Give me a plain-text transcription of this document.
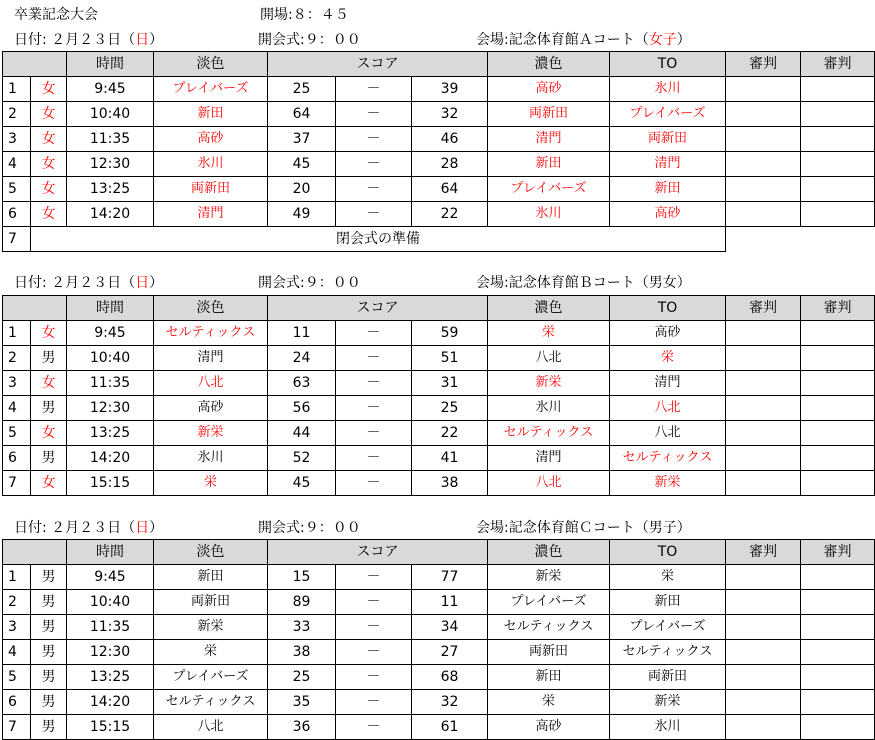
卒業記念大会	開場:８：４５
日付: ２月２３日（日）	開会式:９：００	会場:記念体育館Ａコート（女子）
		時間	淡色	スコア			濃色	TO	審判	審判
1	女	9:45	プレイバーズ	25	－	39	高砂	氷川		
2	女	10:40	新田	64	－	32	両新田	プレイバーズ		
3	女	11:35	高砂	37	－	46	清門	両新田		
4	女	12:30	氷川	45	－	28	新田	清門		
5	女	13:25	両新田	20	－	64	プレイバーズ	新田		
6	女	14:20	清門	49	－	22	氷川	高砂		
7	閉会式の準備									
日付: ２月２３日（日）	開会式:９：００	会場:記念体育館Ｂコート（男女）
		時間	淡色	スコア			濃色	TO	審判	審判
1	女	9:45	セルティックス	11	－	59	栄	高砂		
2	男	10:40	清門	24	－	51	八北	栄		
3	女	11:35	八北	63	－	31	新栄	清門		
4	男	12:30	高砂	56	－	25	氷川	八北		
5	女	13:25	新栄	44	－	22	セルティックス	八北		
6	男	14:20	氷川	52	－	41	清門	セルティックス		
7	女	15:15	栄	45	－	38	八北	新栄		
日付: ２月２３日（日）	開会式:９：００	会場:記念体育館Ｃコート（男子）
		時間	淡色	スコア			濃色	TO	審判	審判
1	男	9:45	新田	15	－	77	新栄	栄		
2	男	10:40	両新田	89	－	11	プレイバーズ	新田		
3	男	11:35	新栄	33	－	34	セルティックス	プレイバーズ		
4	男	12:30	栄	38	－	27	両新田	セルティックス		
5	男	13:25	プレイバーズ	25	－	68	新田	両新田		
6	男	14:20	セルティックス	35	－	32	栄	新栄		
7	男	15:15	八北	36	－	61	高砂	氷川		
